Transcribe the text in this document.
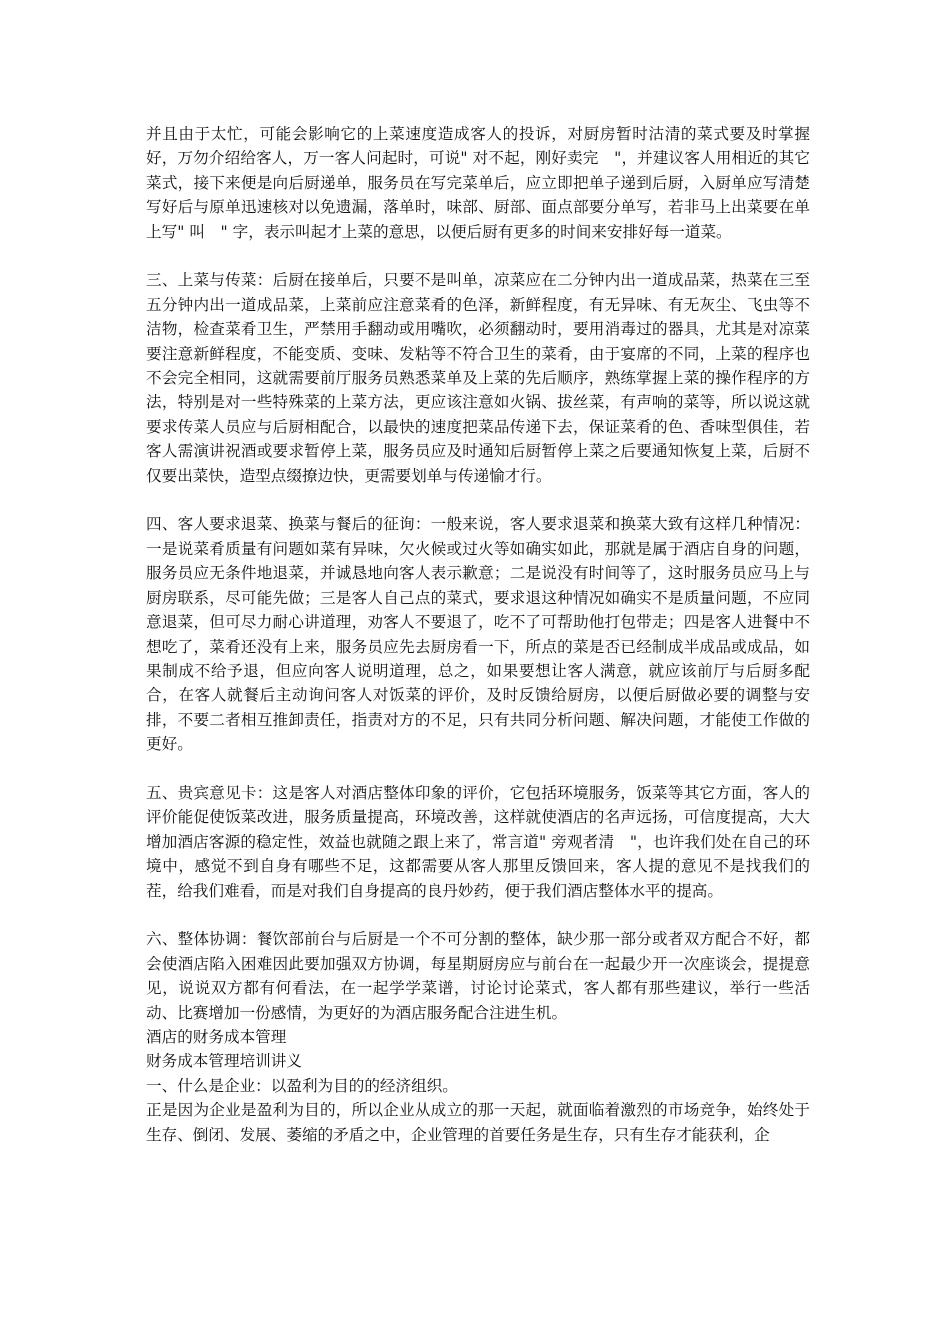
并且由于太忙，可能会影响它的上菜速度造成客人的投诉，对厨房暂时沽清的菜式要及时掌握好，万勿介绍给客人，万一客人问起时，可说" 对不起，刚好卖完　"，并建议客人用相近的其它菜式，接下来便是向后厨递单，服务员在写完菜单后，应立即把单子递到后厨，入厨单应写清楚写好后与原单迅速核对以免遗漏，落单时，味部、厨部、面点部要分单写，若非马上出菜要在单上写" 叫　" 字，表示叫起才上菜的意思，以便后厨有更多的时间来安排好每一道菜。

三、上菜与传菜：后厨在接单后，只要不是叫单，凉菜应在二分钟内出一道成品菜，热菜在三至五分钟内出一道成品菜，上菜前应注意菜肴的色泽，新鲜程度，有无异味、有无灰尘、飞虫等不洁物，检查菜肴卫生，严禁用手翻动或用嘴吹，必须翻动时，要用消毒过的器具，尤其是对凉菜要注意新鲜程度，不能变质、变味、发粘等不符合卫生的菜肴，由于宴席的不同，上菜的程序也不会完全相同，这就需要前厅服务员熟悉菜单及上菜的先后顺序，熟练掌握上菜的操作程序的方法，特别是对一些特殊菜的上菜方法，更应该注意如火锅、拔丝菜，有声响的菜等，所以说这就要求传菜人员应与后厨相配合，以最快的速度把菜品传递下去，保证菜肴的色、香味型俱佳，若客人需演讲祝酒或要求暂停上菜，服务员应及时通知后厨暂停上菜之后要通知恢复上菜，后厨不仅要出菜快，造型点缀撩边快，更需要划单与传递愉才行。

四、客人要求退菜、换菜与餐后的征询：一般来说，客人要求退菜和换菜大致有这样几种情况：一是说菜肴质量有问题如菜有异味，欠火候或过火等如确实如此，那就是属于酒店自身的问题，服务员应无条件地退菜，并诚恳地向客人表示歉意；二是说没有时间等了，这时服务员应马上与厨房联系，尽可能先做；三是客人自己点的菜式，要求退这种情况如确实不是质量问题，不应同意退菜，但可尽力耐心讲道理，劝客人不要退了，吃不了可帮助他打包带走；四是客人进餐中不想吃了，菜肴还没有上来，服务员应先去厨房看一下，所点的菜是否已经制成半成品或成品，如果制成不给予退，但应向客人说明道理，总之，如果要想让客人满意，就应该前厅与后厨多配合，在客人就餐后主动询问客人对饭菜的评价，及时反馈给厨房，以便后厨做必要的调整与安排，不要二者相互推卸责任，指责对方的不足，只有共同分析问题、解决问题，才能使工作做的更好。

五、贵宾意见卡：这是客人对酒店整体印象的评价，它包括环境服务，饭菜等其它方面，客人的评价能促使饭菜改进，服务质量提高，环境改善，这样就使酒店的名声远扬，可信度提高，大大增加酒店客源的稳定性，效益也就随之跟上来了，常言道" 旁观者清　"，也许我们处在自己的环境中，感觉不到自身有哪些不足，这都需要从客人那里反馈回来，客人提的意见不是找我们的茬，给我们难看，而是对我们自身提高的良丹妙药，便于我们酒店整体水平的提高。

六、整体协调：餐饮部前台与后厨是一个不可分割的整体，缺少那一部分或者双方配合不好，都会使酒店陷入困难因此要加强双方协调，每星期厨房应与前台在一起最少开一次座谈会，提提意见，说说双方都有何看法，在一起学学菜谱，讨论讨论菜式，客人都有那些建议，举行一些活动、比赛增加一份感情，为更好的为酒店服务配合注进生机。

酒店的财务成本管理

财务成本管理培训讲义

一、什么是企业：以盈利为目的的经济组织。

正是因为企业是盈利为目的，所以企业从成立的那一天起，就面临着激烈的市场竞争，始终处于生存、倒闭、发展、萎缩的矛盾之中，企业管理的首要任务是生存，只有生存才能获利，企
